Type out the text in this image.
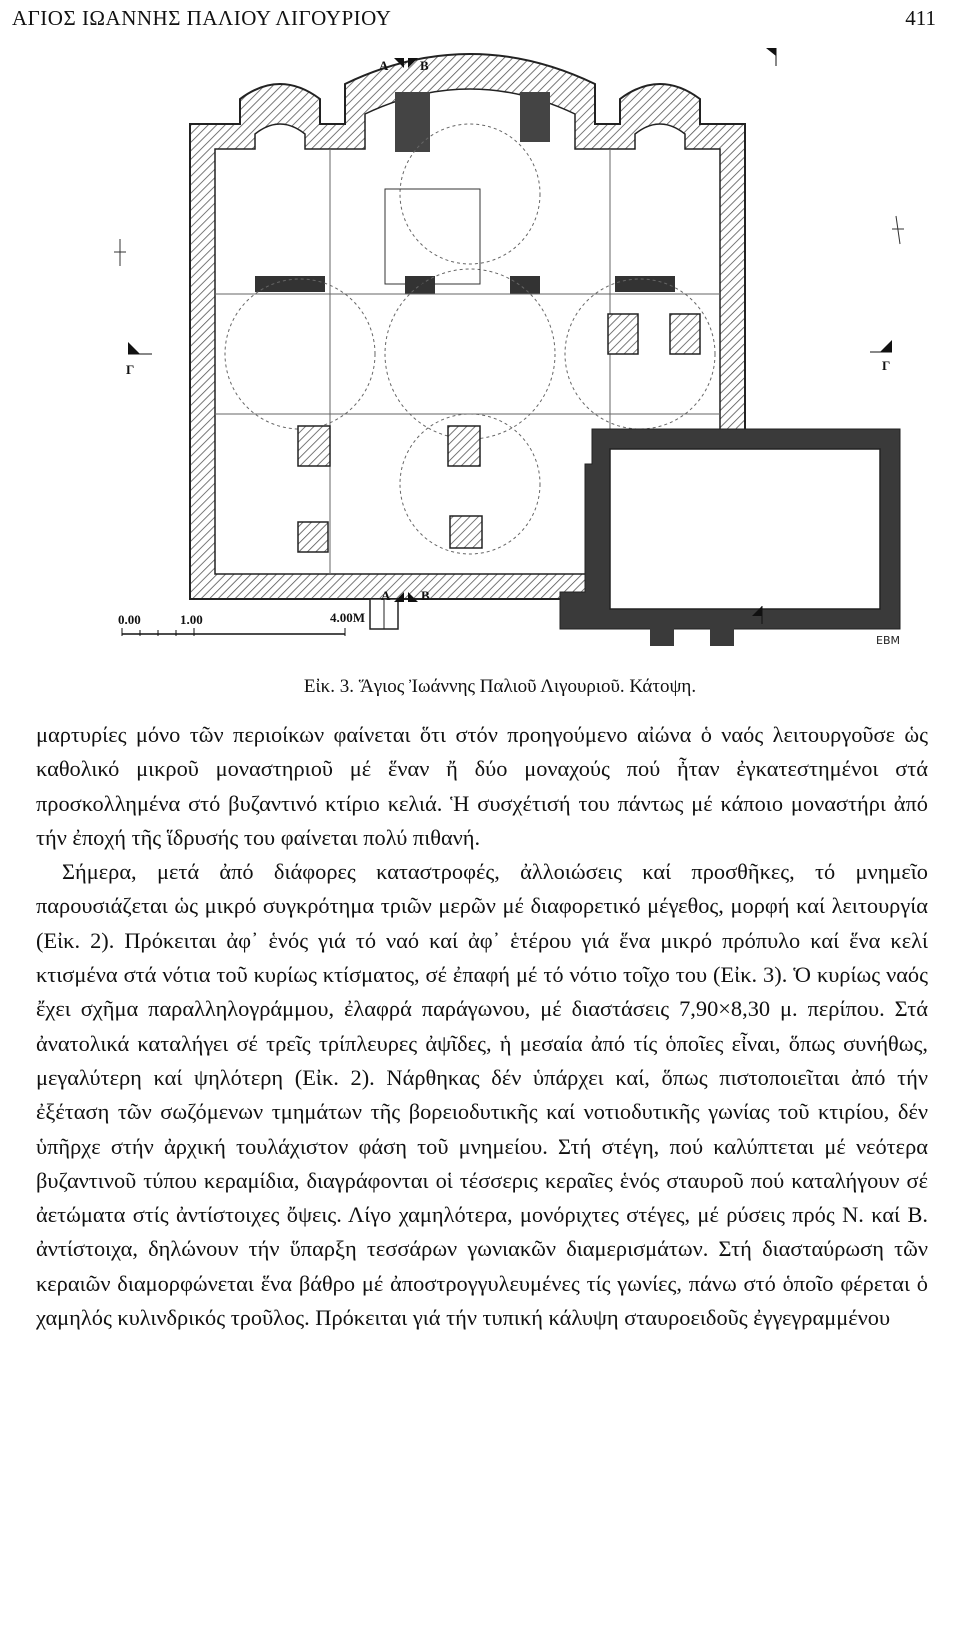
ΑΓΙΟΣ ΙΩΑΝΝΗΣ ΠΑΛΙΟΥ ΛΙΓΟΥΡΙΟΥ	411
Α Β
Α Β
Γ	Γ
0.00	1.00	4.00Μ
ΕΒΜ
Εἰκ. 3. Ἅγιος Ἰωάννης Παλιοῦ Λιγουριοῦ. Κάτοψη.

μαρτυρίες μόνο τῶν περιοίκων φαίνεται ὅτι στόν προηγούμενο αἰώνα ὁ ναός λειτουργοῦσε ὡς καθολικό μικροῦ μοναστηριοῦ μέ ἕναν ἤ δύο μοναχούς πού ἦταν ἐγκατεστημένοι στά προσκολλημένα στό βυζαντινό κτίριο κελιά. Ἡ συσχέτισή του πάντως μέ κάποιο μοναστήρι ἀπό τήν ἐποχή τῆς ἵδρυσής του φαίνεται πολύ πιθανή.

Σήμερα, μετά ἀπό διάφορες καταστροφές, ἀλλοιώσεις καί προσθῆκες, τό μνημεῖο παρουσιάζεται ὡς μικρό συγκρότημα τριῶν μερῶν μέ διαφορετικό μέγεθος, μορφή καί λειτουργία (Εἰκ. 2). Πρόκειται ἀφ᾽ ἑνός γιά τό ναό καί ἀφ᾽ ἑτέρου γιά ἕνα μικρό πρόπυλο καί ἕνα κελί κτισμένα στά νότια τοῦ κυρίως κτίσματος, σέ ἐπαφή μέ τό νότιο τοῖχο του (Εἰκ. 3). Ὁ κυρίως ναός ἔχει σχῆμα παραλληλογράμμου, ἐλαφρά παράγωνου, μέ διαστάσεις 7,90×8,30 μ. περίπου. Στά ἀνατολικά καταλήγει σέ τρεῖς τρίπλευρες ἀψῖδες, ἡ μεσαία ἀπό τίς ὁποῖες εἶναι, ὅπως συνήθως, μεγαλύτερη καί ψηλότερη (Εἰκ. 2). Νάρθηκας δέν ὑπάρχει καί, ὅπως πιστοποιεῖται ἀπό τήν ἐξέταση τῶν σωζόμενων τμημάτων τῆς βορειοδυτικῆς καί νοτιοδυτικῆς γωνίας τοῦ κτιρίου, δέν ὑπῆρχε στήν ἀρχική τουλάχιστον φάση τοῦ μνημείου. Στή στέγη, πού καλύπτεται μέ νεότερα βυζαντινοῦ τύπου κεραμίδια, διαγράφονται οἱ τέσσερις κεραῖες ἑνός σταυροῦ πού καταλήγουν σέ ἀετώματα στίς ἀντίστοιχες ὄψεις. Λίγο χαμηλότερα, μονόριχτες στέγες, μέ ρύσεις πρός Ν. καί Β. ἀντίστοιχα, δηλώνουν τήν ὕπαρξη τεσσάρων γωνιακῶν διαμερισμάτων. Στή διασταύρωση τῶν κεραιῶν διαμορφώνεται ἕνα βάθρο μέ ἀποστρογγυλευμένες τίς γωνίες, πάνω στό ὁποῖο φέρεται ὁ χαμηλός κυλινδρικός τροῦλος. Πρόκειται γιά τήν τυπική κάλυψη σταυροειδοῦς ἐγγεγραμμένου
